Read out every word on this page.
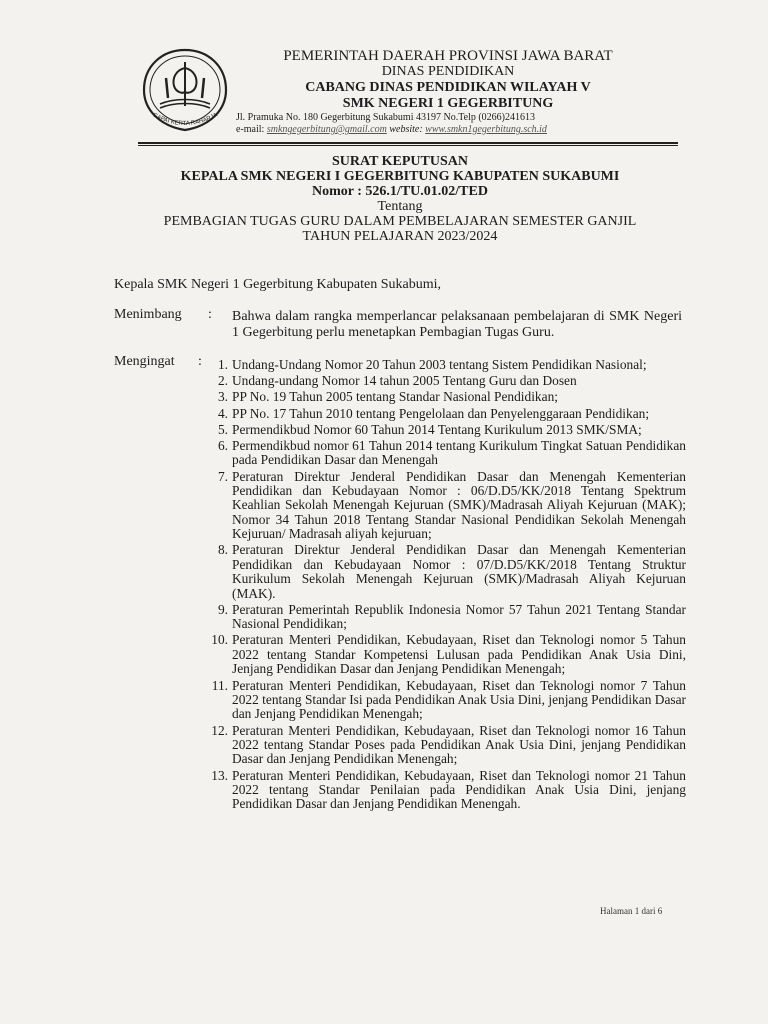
GAPAI KERTA RAHARJA
PEMERINTAH DAERAH PROVINSI JAWA BARAT
DINAS PENDIDIKAN
CABANG DINAS PENDIDIKAN WILAYAH V
SMK NEGERI 1 GEGERBITUNG
Jl. Pramuka No. 180 Gegerbitung Sukabumi 43197 No.Telp (0266)241613
e-mail: smkngegerbitung@gmail.com website: www.smkn1gegerbitung.sch.id
SURAT KEPUTUSAN
KEPALA SMK NEGERI I GEGERBITUNG KABUPATEN SUKABUMI
Nomor : 526.1/TU.01.02/TED
Tentang
PEMBAGIAN TUGAS GURU DALAM PEMBELAJARAN SEMESTER GANJIL
TAHUN PELAJARAN 2023/2024
Kepala SMK Negeri 1 Gegerbitung Kabupaten Sukabumi,
Menimbang : Bahwa dalam rangka memperlancar pelaksanaan pembelajaran di SMK Negeri 1 Gegerbitung perlu menetapkan Pembagian Tugas Guru.
Mengingat :	1. Undang-Undang Nomor 20 Tahun 2003 tentang Sistem Pendidikan Nasional;
2. Undang-undang Nomor 14 tahun 2005 Tentang Guru dan Dosen
3. PP No. 19 Tahun 2005 tentang Standar Nasional Pendidikan;
4. PP No. 17 Tahun 2010 tentang Pengelolaan dan Penyelenggaraan Pendidikan;
5. Permendikbud Nomor 60 Tahun 2014 Tentang Kurikulum 2013 SMK/SMA;
6. Permendikbud nomor 61 Tahun 2014 tentang Kurikulum Tingkat Satuan Pendidikan pada Pendidikan Dasar dan Menengah
7. Peraturan Direktur Jenderal Pendidikan Dasar dan Menengah Kementerian Pendidikan dan Kebudayaan Nomor : 06/D.D5/KK/2018 Tentang Spektrum Keahlian Sekolah Menengah Kejuruan (SMK)/Madrasah Aliyah Kejuruan (MAK); Nomor 34 Tahun 2018 Tentang Standar Nasional Pendidikan Sekolah Menengah Kejuruan/ Madrasah aliyah kejuruan;
8. Peraturan Direktur Jenderal Pendidikan Dasar dan Menengah Kementerian Pendidikan dan Kebudayaan Nomor : 07/D.D5/KK/2018 Tentang Struktur Kurikulum Sekolah Menengah Kejuruan (SMK)/Madrasah Aliyah Kejuruan (MAK).
9. Peraturan Pemerintah Republik Indonesia Nomor 57 Tahun 2021 Tentang Standar Nasional Pendidikan;
10. Peraturan Menteri Pendidikan, Kebudayaan, Riset dan Teknologi nomor 5 Tahun 2022 tentang Standar Kompetensi Lulusan pada Pendidikan Anak Usia Dini, Jenjang Pendidikan Dasar dan Jenjang Pendidikan Menengah;
11. Peraturan Menteri Pendidikan, Kebudayaan, Riset dan Teknologi nomor 7 Tahun 2022 tentang Standar Isi pada Pendidikan Anak Usia Dini, jenjang Pendidikan Dasar dan Jenjang Pendidikan Menengah;
12. Peraturan Menteri Pendidikan, Kebudayaan, Riset dan Teknologi nomor 16 Tahun 2022 tentang Standar Poses pada Pendidikan Anak Usia Dini, jenjang Pendidikan Dasar dan Jenjang Pendidikan Menengah;
13. Peraturan Menteri Pendidikan, Kebudayaan, Riset dan Teknologi nomor 21 Tahun 2022 tentang Standar Penilaian pada Pendidikan Anak Usia Dini, jenjang Pendidikan Dasar dan Jenjang Pendidikan Menengah.
Halaman 1 dari 6
